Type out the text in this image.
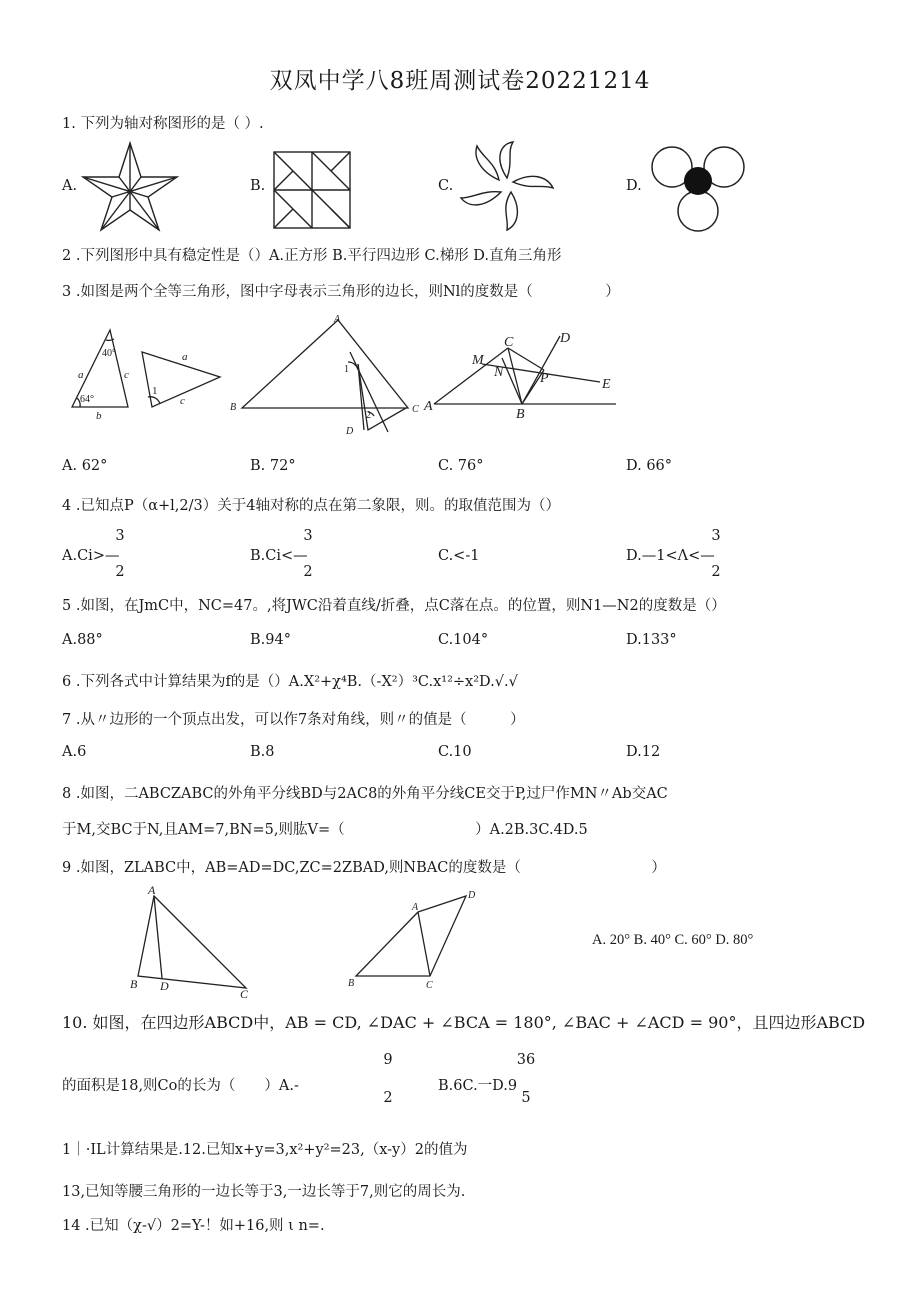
双凤中学八8班周测试卷20221214
1. 下列为轴对称图形的是（ ）.
A.	B.	C.	D.
2 .下列图形中具有稳定性是（）A.正方形 B.平行四边形 C.梯形 D.直角三角形
3 .如图是两个全等三角形，图中字母表示三角形的边长，则Nl的度数是（　　　　　）
40°
64°
a	c
b
a
1
c
A
1
2
B	C
D
M
C	D
N	P	E
A
B
A. 62°	B. 72°	C. 76°	D. 66°
4 .已知点P（α+l,2/3）关于4轴对称的点在第二象限，则。的取值范围为（）
A.Ci>—
3
2
B.Ci<—
3
2
C.<-1	D.—1<Λ<—
3
2
5 .如图，在JmC中，NC=47。,将JWC沿着直线/折叠，点C落在点。的位置，则N1—N2的度数是（）
A.88°	B.94°	C.104°	D.133°
6 .下列各式中计算结果为f的是（）A.X²+χ⁴B.（-X²）³C.x¹²÷x²D.√.√
7 .从〃边形的一个顶点出发，可以作7条对角线，则〃的值是（　　　）
A.6	B.8	C.10	D.12
8 .如图，二ABCZABC的外角平分线BD与2AC8的外角平分线CE交于P,过尸作MN〃Ab交AC
于M,交BC于N,且AM=7,BN=5,则肱V=（　　　　　　　　　）A.2B.3C.4D.5
9 .如图，ZLABC中，AB=AD=DC,ZC=2ZBAD,则NBAC的度数是（　　　　　　　　　）
A
B D
C
A
D
B	C
A. 20° B. 40° C. 60° D. 80°
10. 如图，在四边形ABCD中，AB = CD, ∠DAC + ∠BCA = 180°, ∠BAC + ∠ACD = 90°，且四边形ABCD
的面积是18,则Co的长为（　　）A.-
9
2
B.6C.一D.9
36
5
1｜·IL计算结果是.12.已知x+y=3,x²+y²=23,（x-y）2的值为
13,已知等腰三角形的一边长等于3,一边长等于7,则它的周长为.
14 .已知（χ-√）2=Y-！如+16,则 ι n=.
